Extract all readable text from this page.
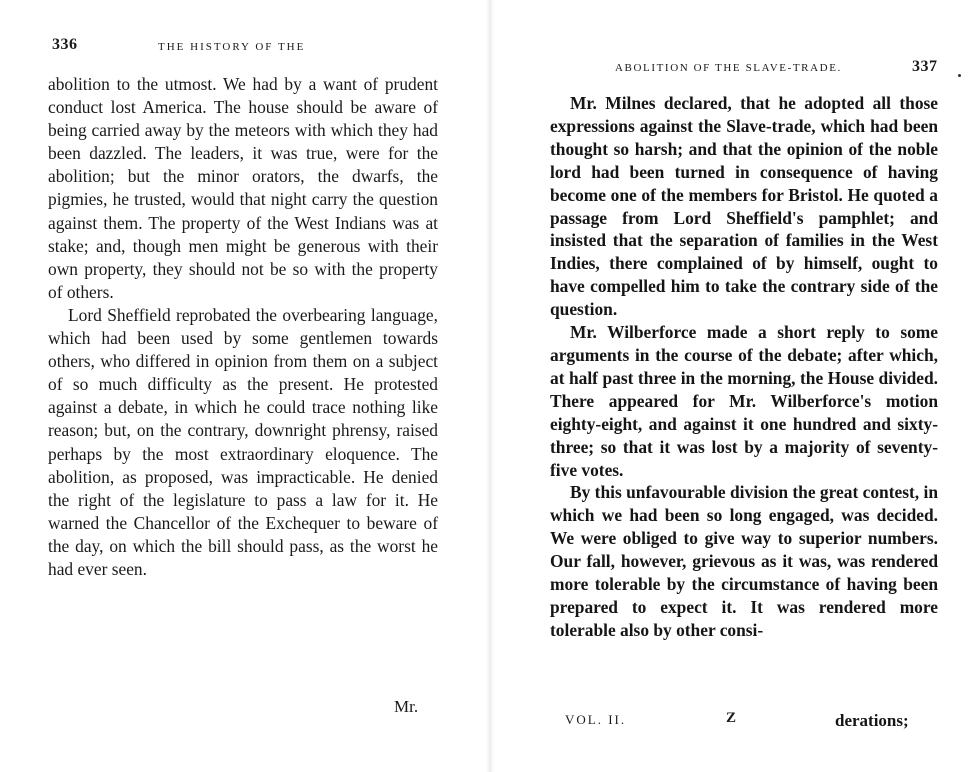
336	THE HISTORY OF THE

abolition to the utmost. We had by a want of prudent conduct lost America. The house should be aware of being carried away by the meteors with which they had been dazzled. The leaders, it was true, were for the abolition; but the minor orators, the dwarfs, the pigmies, he trusted, would that night carry the question against them. The property of the West Indians was at stake; and, though men might be generous with their own property, they should not be so with the property of others.

Lord Sheffield reprobated the overbearing language, which had been used by some gentlemen towards others, who differed in opinion from them on a subject of so much difficulty as the present. He protested against a debate, in which he could trace nothing like reason; but, on the contrary, downright phrensy, raised perhaps by the most extraordinary eloquence. The abolition, as proposed, was impracticable. He denied the right of the legislature to pass a law for it. He warned the Chancellor of the Exchequer to beware of the day, on which the bill should pass, as the worst he had ever seen.

Mr.
ABOLITION OF THE SLAVE-TRADE.	337

Mr. Milnes declared, that he adopted all those expressions against the Slave-trade, which had been thought so harsh; and that the opinion of the noble lord had been turned in consequence of having become one of the members for Bristol. He quoted a passage from Lord Sheffield's pamphlet; and insisted that the separation of families in the West Indies, there complained of by himself, ought to have compelled him to take the contrary side of the question.

Mr. Wilberforce made a short reply to some arguments in the course of the debate; after which, at half past three in the morning, the House divided. There appeared for Mr. Wilberforce's motion eighty-eight, and against it one hundred and sixty-three; so that it was lost by a majority of seventy-five votes.

By this unfavourable division the great contest, in which we had been so long engaged, was decided. We were obliged to give way to superior numbers. Our fall, however, grievous as it was, was rendered more tolerable by the circumstance of having been prepared to expect it. It was rendered more tolerable also by other consi-

VOL. II.	Z	derations;
